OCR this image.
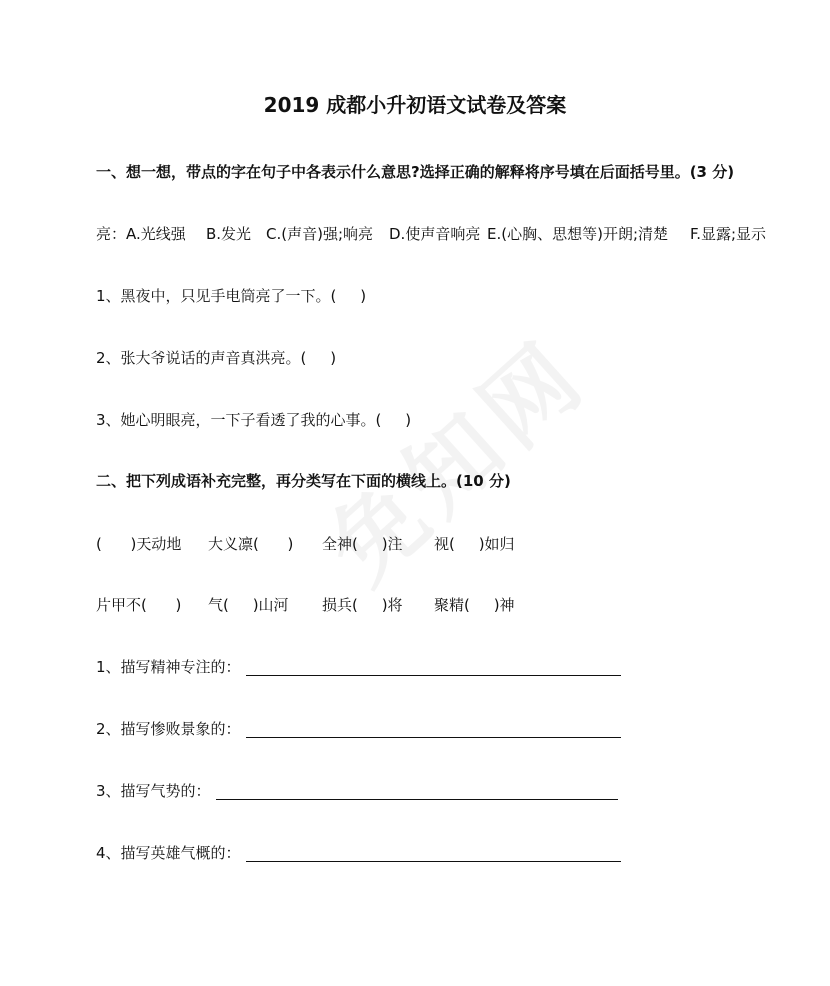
2019 成都小升初语文试卷及答案
一、想一想，带点的字在句子中各表示什么意思?选择正确的解释将序号填在后面括号里。(3 分)
亮：A.光线强 B.发光 C.(声音)强;响亮 D.使声音响亮 E.(心胸、思想等)开朗;清楚 F.显露;显示
1、黑夜中，只见手电筒亮了一下。(     )
2、张大爷说话的声音真洪亮。(     )
3、她心明眼亮，一下子看透了我的心事。(     )
二、把下列成语补充完整，再分类写在下面的横线上。(10 分)
(      )天动地 大义凛(      ) 全神(     )注 视(     )如归
片甲不(      ) 气(     )山河 损兵(     )将 聚精(     )神
1、描写精神专注的：
2、描写惨败景象的：
3、描写气势的：
4、描写英雄气概的：
